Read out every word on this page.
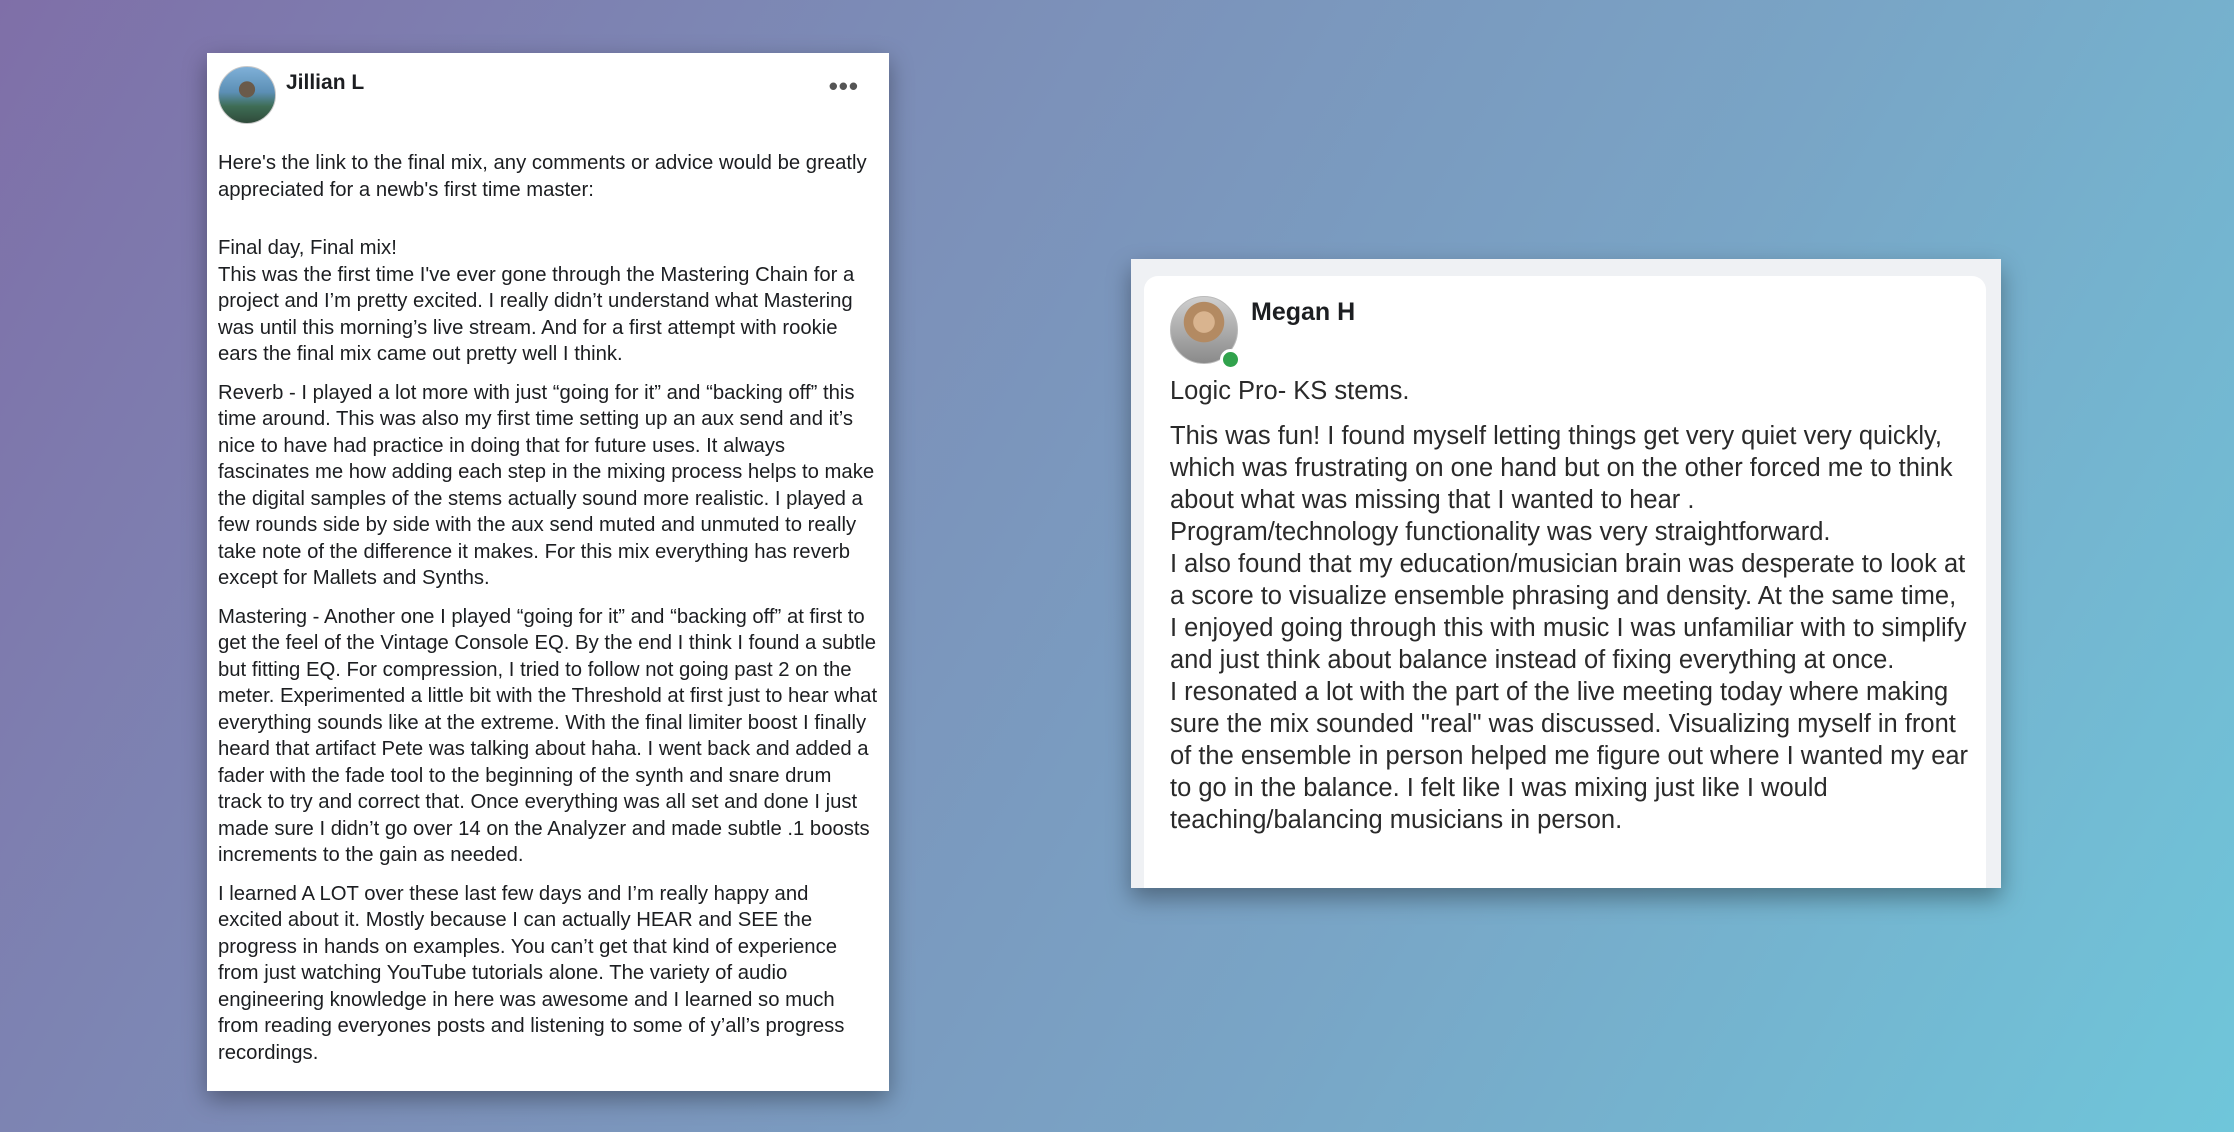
Jillian L	•••

Here's the link to the final mix, any comments or advice would be greatly appreciated for a newb's first time master:

Final day, Final mix!
This was the first time I've ever gone through the Mastering Chain for a project and I’m pretty excited. I really didn’t understand what Mastering was until this morning’s live stream. And for a first attempt with rookie ears the final mix came out pretty well I think.

Reverb - I played a lot more with just “going for it” and “backing off” this time around. This was also my first time setting up an aux send and it’s nice to have had practice in doing that for future uses. It always fascinates me how adding each step in the mixing process helps to make the digital samples of the stems actually sound more realistic. I played a few rounds side by side with the aux send muted and unmuted to really take note of the difference it makes. For this mix everything has reverb except for Mallets and Synths.

Mastering - Another one I played “going for it” and “backing off” at first to get the feel of the Vintage Console EQ. By the end I think I found a subtle but fitting EQ. For compression, I tried to follow not going past 2 on the meter. Experimented a little bit with the Threshold at first just to hear what everything sounds like at the extreme. With the final limiter boost I finally heard that artifact Pete was talking about haha. I went back and added a fader with the fade tool to the beginning of the synth and snare drum track to try and correct that. Once everything was all set and done I just made sure I didn’t go over 14 on the Analyzer and made subtle .1 boosts increments to the gain as needed.

I learned A LOT over these last few days and I’m really happy and excited about it. Mostly because I can actually HEAR and SEE the progress in hands on examples. You can’t get that kind of experience from just watching YouTube tutorials alone. The variety of audio engineering knowledge in here was awesome and I learned so much from reading everyones posts and listening to some of y’all’s progress recordings.

Megan H

Logic Pro- KS stems.

This was fun! I found myself letting things get very quiet very quickly, which was frustrating on one hand but on the other forced me to think about what was missing that I wanted to hear .
Program/technology functionality was very straightforward.
I also found that my education/musician brain was desperate to look at a score to visualize ensemble phrasing and density. At the same time, I enjoyed going through this with music I was unfamiliar with to simplify and just think about balance instead of fixing everything at once.
I resonated a lot with the part of the live meeting today where making sure the mix sounded "real" was discussed. Visualizing myself in front of the ensemble in person helped me figure out where I wanted my ear to go in the balance. I felt like I was mixing just like I would teaching/balancing musicians in person.
